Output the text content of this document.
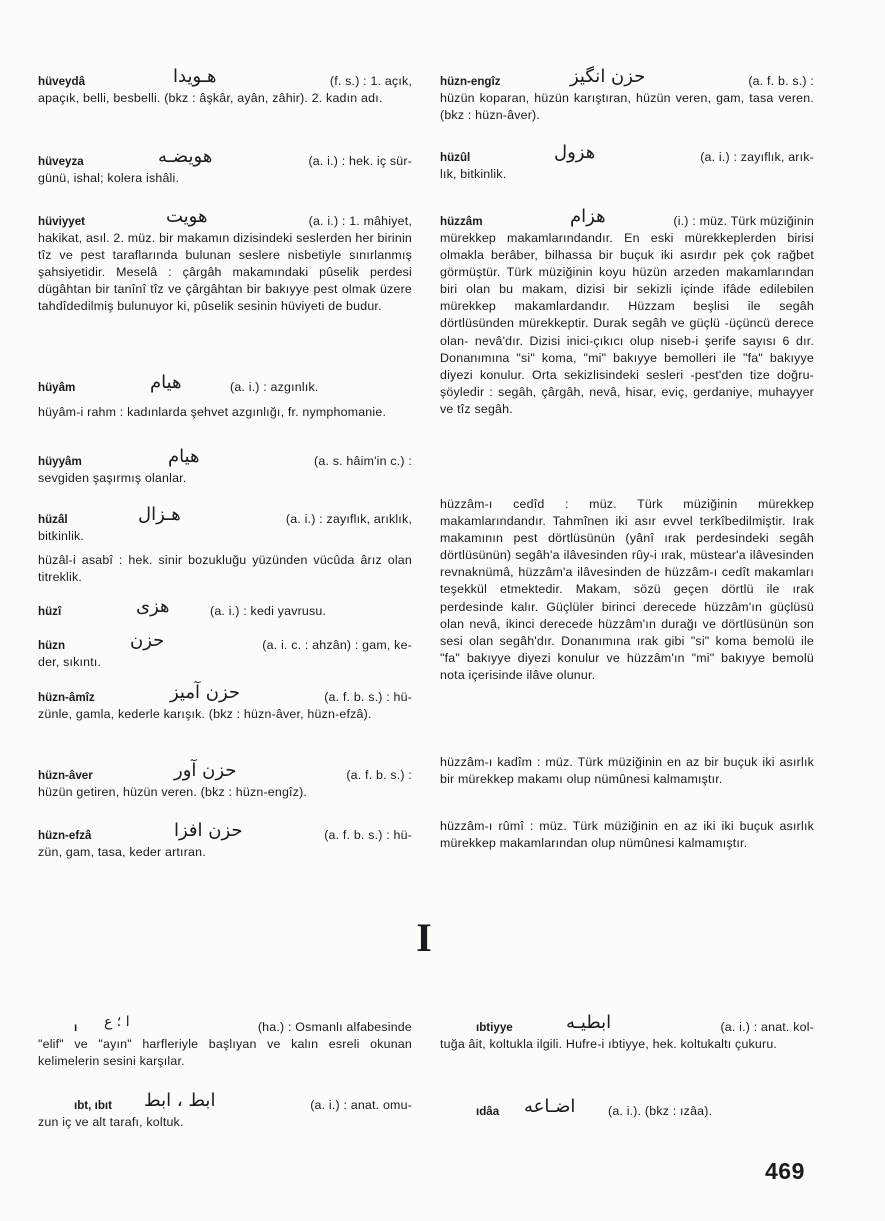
hüveydâ	هـويدا	(f. s.) : 1. açık,

apaçık, belli, besbelli. (bkz : âşkâr, ayân, zâhir). 2. kadın adı.

hüveyza	هويضـه	(a. i.) : hek. iç sür-

günü, ishal; kolera ishâli.

hüviyyet	هويت	(a. i.) : 1. mâhiyet,

hakikat, asıl. 2. müz. bir makamın dizisindeki seslerden her birinin tîz ve pest taraflarında bulunan seslere nisbetiyle sınırlanmış şahsiyetidir. Meselâ : çârgâh makamındaki pûselik perdesi dügâhtan bir tanînî tîz ve çârgâhtan bir bakıyye pest olmak üzere tahdîdedilmiş bulunuyor ki, pûselik sesinin hüviyeti de budur.

hüyâm	هيام	(a. i.) : azgınlık.

hüyâm-i rahm : kadınlarda şehvet azgınlığı, fr. nymphomanie.

hüyyâm	هيام	(a. s. hâim'in c.) :

sevgiden şaşırmış olanlar.

hüzâl	هـزال	(a. i.) : zayıflık, arıklık,

bitkinlik.

hüzâl-i asabî : hek. sinir bozukluğu yüzünden vücûda ârız olan titreklik.

hüzî	هزى	(a. i.) : kedi yavrusu.
hüzn	حزن	(a. i. c. : ahzân) : gam, ke-

der, sıkıntı.

hüzn-âmîz	حزن آميز	(a. f. b. s.) : hü-

zünle, gamla, kederle karışık. (bkz : hüzn-âver, hüzn-efzâ).

hüzn-âver	حزن آور	(a. f. b. s.) :

hüzün getiren, hüzün veren. (bkz : hüzn-engîz).

hüzn-efzâ	حزن افزا	(a. f. b. s.) : hü-

zün, gam, tasa, keder artıran.

hüzn-engîz	حزن انگيز	(a. f. b. s.) :

hüzün koparan, hüzün karıştıran, hüzün veren, gam, tasa veren. (bkz : hüzn-âver).

hüzûl	هزول	(a. i.) : zayıflık, arık-

lık, bitkinlik.

hüzzâm	هزام	(i.) : müz. Türk müziğinin

mürekkep makamlarındandır. En eski mürekkeplerden birisi olmakla berâber, bilhassa bir buçuk iki asırdır pek çok rağbet görmüştür. Türk müziğinin koyu hüzün arzeden makamlarından biri olan bu makam, dizisi bir sekizli içinde ifâde edilebilen mürekkep makamlardandır. Hüzzam beşlisi ile segâh dörtlüsünden mürekkeptir. Durak segâh ve güçlü -üçüncü derece olan- nevâ'dır. Dizisi inici-çıkıcı olup niseb-i şerife sayısı 6 dır. Donanımına "si" koma, "mi" bakıyye bemolleri ile "fa" bakıyye diyezi konulur. Orta sekizlisindeki sesleri -pest'den tize doğru- şöyledir : segâh, çârgâh, nevâ, hisar, eviç, gerdaniye, muhayyer ve tîz segâh.

hüzzâm-ı cedîd : müz. Türk müziğinin mürekkep makamlarındandır. Tahmînen iki asır evvel terkîbedilmiştir. Irak makamının pest dörtlüsünün (yânî ırak perdesindeki segâh dörtlüsünün) segâh'a ilâvesinden rûy-i ırak, müstear'a ilâvesinden revnaknümâ, hüzzâm'a ilâvesinden de hüzzâm-ı cedît makamları teşekkül etmektedir. Makam, sözü geçen dörtlü ile ırak perdesinde kalır. Güçlüler birinci derecede hüzzâm'ın güçlüsü olan nevâ, ikinci derecede hüzzâm'ın durağı ve dörtlüsünün son sesi olan segâh'dır. Donanımına ırak gibi "si" koma bemolü ile "fa" bakıyye diyezi konulur ve hüzzâm'ın "mi" bakıyye bemolü nota içerisinde ilâve olunur.

hüzzâm-ı kadîm : müz. Türk müziğinin en az bir buçuk iki asırlık bir mürekkep makamı olup nümûnesi kalmamıştır.

hüzzâm-ı rûmî : müz. Türk müziğinin en az iki iki buçuk asırlık mürekkep makamlarından olup nümûnesi kalmamıştır.

I
ı ا ؛ ع	(ha.) : Osmanlı alfabesinde

"elif" ve "ayın" harfleriyle başlıyan ve kalın esreli okunan kelimelerin sesini karşılar.

ıbt, ıbıt ابط ، ابط	(a. i.) : anat. omu-

zun iç ve alt tarafı, koltuk.

ıbtiyye	ابطيـه	(a. i.) : anat. kol-

tuğa âit, koltukla ilgili. Hufre-i ıbtiyye, hek. koltukaltı çukuru.

ıdâa اضـاعه	(a. i.). (bkz : ızâa).
469
